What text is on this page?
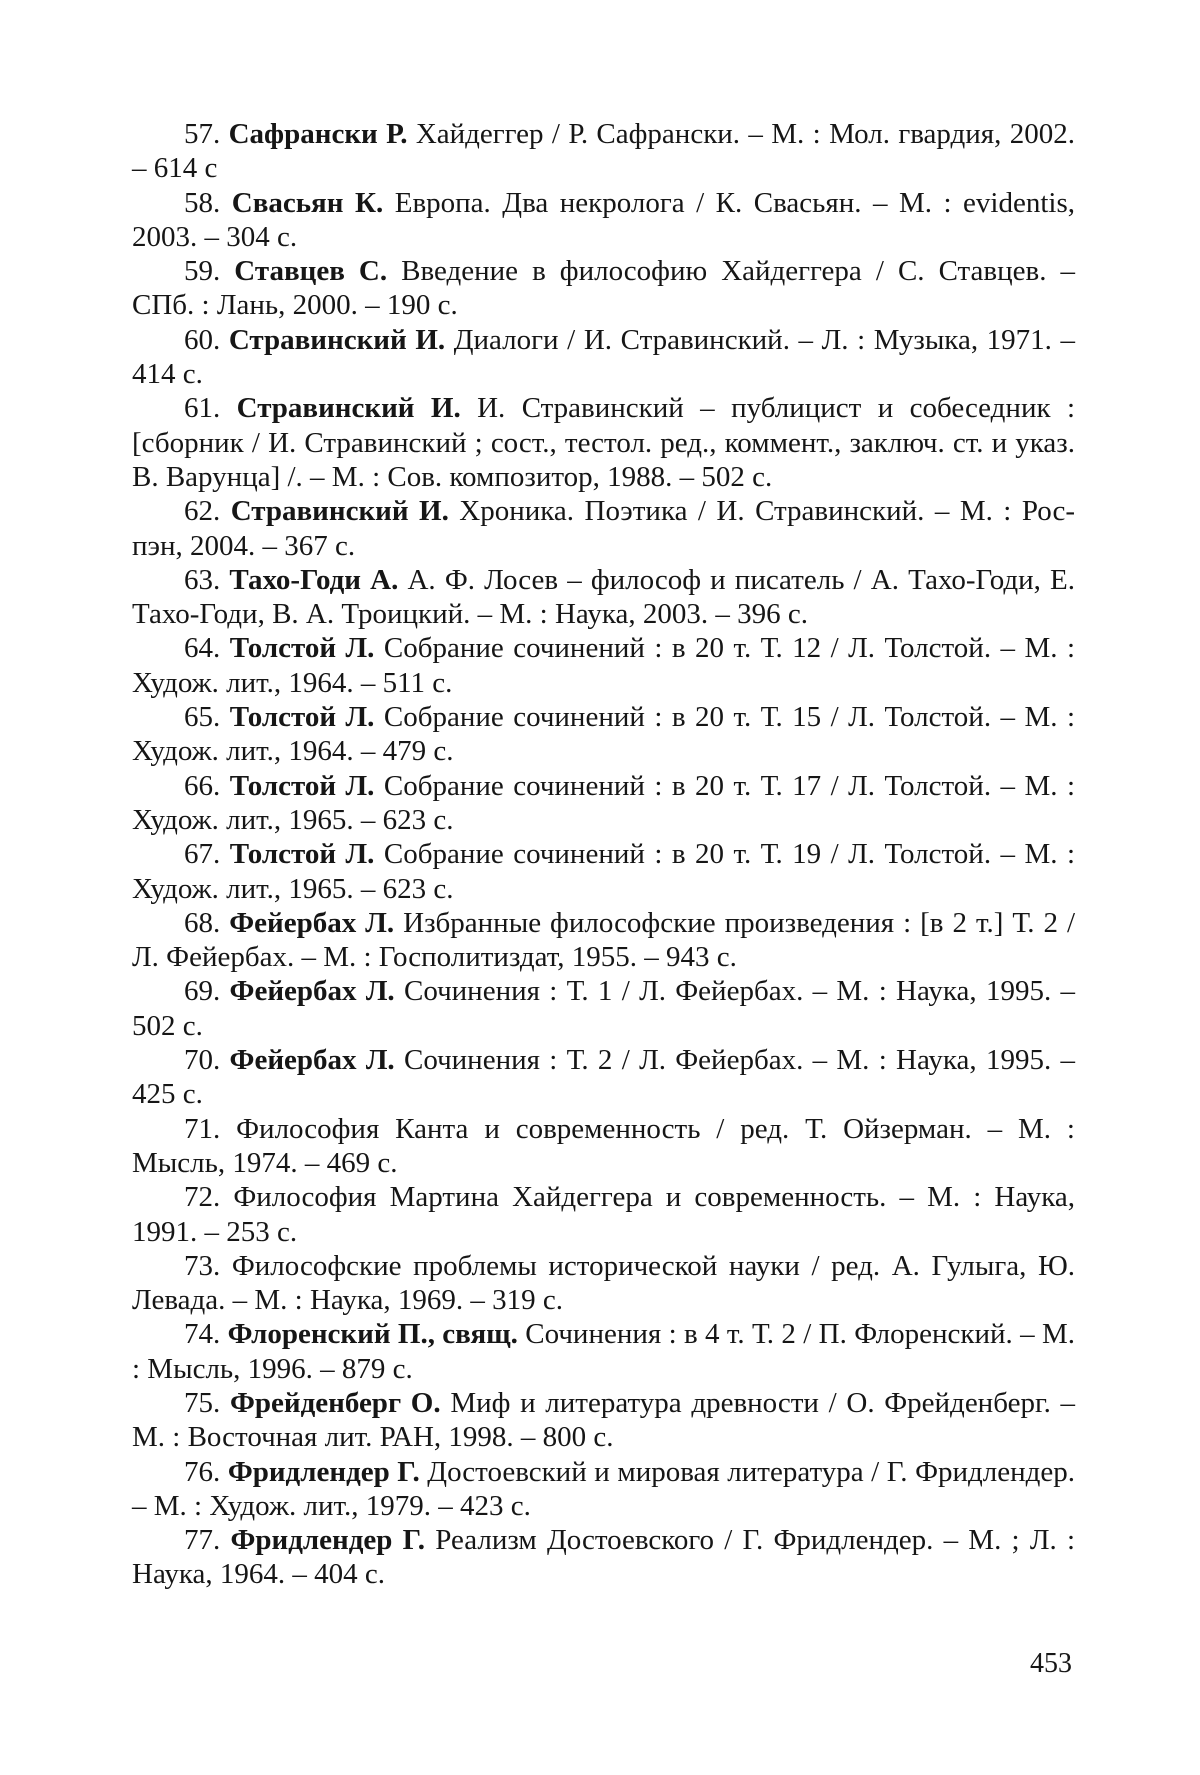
57. Сафрански Р. Хайдеггер / Р. Сафрански. – М. : Мол. гвардия, 2002. – 614 с

58. Свасьян К. Европа. Два некролога / К. Свасьян. – М. : evidentis, 2003. – 304 с.

59. Ставцев С. Введение в философию Хайдеггера / С. Ставцев. – СПб. : Лань, 2000. – 190 с.

60. Стравинский И. Диалоги / И. Стравинский. – Л. : Музыка, 1971. – 414 с.

61. Стравинский И. И. Стравинский – публицист и собеседник : [сборник / И. Стравинский ; сост., тестол. ред., коммент., заключ. ст. и указ. В. Варунца] /. – М. : Сов. композитор, 1988. – 502 с.

62. Стравинский И. Хроника. Поэтика / И. Стравинский. – М. : Роспэн, 2004. – 367 с.

63. Тахо-Годи А. А. Ф. Лосев – философ и писатель / А. Тахо-Годи, Е. Тахо-Годи, В. А. Троицкий. – М. : Наука, 2003. – 396 с.

64. Толстой Л. Собрание сочинений : в 20 т. Т. 12 / Л. Толстой. – М. : Худож. лит., 1964. – 511 с.

65. Толстой Л. Собрание сочинений : в 20 т. Т. 15 / Л. Толстой. – М. : Худож. лит., 1964. – 479 с.

66. Толстой Л. Собрание сочинений : в 20 т. Т. 17 / Л. Толстой. – М. : Худож. лит., 1965. – 623 с.

67. Толстой Л. Собрание сочинений : в 20 т. Т. 19 / Л. Толстой. – М. : Худож. лит., 1965. – 623 с.

68. Фейербах Л. Избранные философские произведения : [в 2 т.] Т. 2 / Л. Фейербах. – М. : Госполитиздат, 1955. – 943 с.

69. Фейербах Л. Сочинения : Т. 1 / Л. Фейербах. – М. : Наука, 1995. – 502 с.

70. Фейербах Л. Сочинения : Т. 2 / Л. Фейербах. – М. : Наука, 1995. – 425 с.

71. Философия Канта и современность / ред. Т. Ойзерман. – М. : Мысль, 1974. – 469 с.

72. Философия Мартина Хайдеггера и современность. – М. : Наука, 1991. – 253 с.

73. Философские проблемы исторической науки / ред. А. Гулыга, Ю. Левада. – М. : Наука, 1969. – 319 с.

74. Флоренский П., свящ. Сочинения : в 4 т. Т. 2 / П. Флоренский. – М. : Мысль, 1996. – 879 с.

75. Фрейденберг О. Миф и литература древности / О. Фрейденберг. – М. : Восточная лит. РАН, 1998. – 800 с.

76. Фридлендер Г. Достоевский и мировая литература / Г. Фридлендер. – М. : Худож. лит., 1979. – 423 с.

77. Фридлендер Г. Реализм Достоевского / Г. Фридлендер. – М. ; Л. : Наука, 1964. – 404 с.

453
